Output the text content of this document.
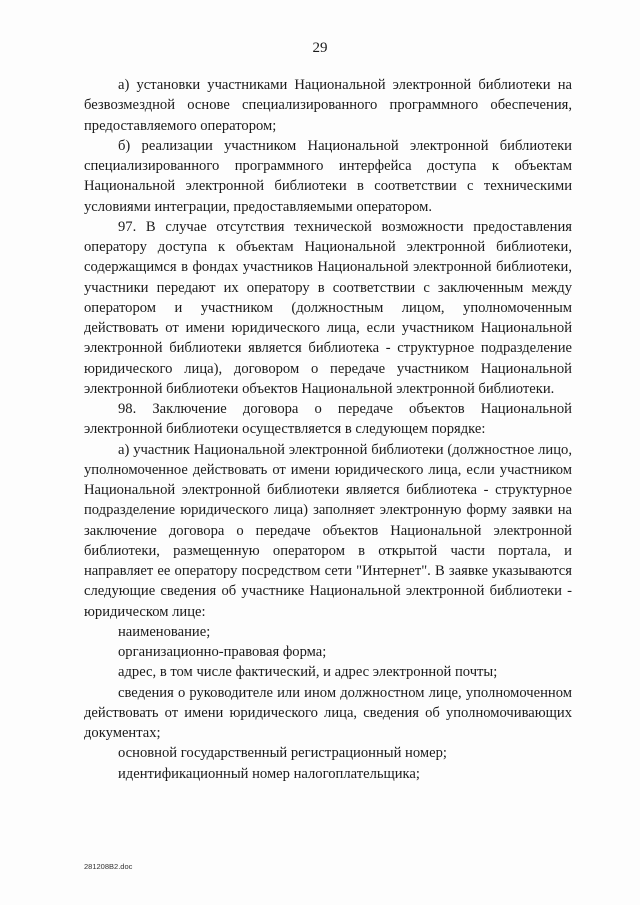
29

а) установки участниками Национальной электронной библиотеки на безвозмездной основе специализированного программного обеспечения, предоставляемого оператором;

б) реализации участником Национальной электронной библиотеки специализированного программного интерфейса доступа к объектам Национальной электронной библиотеки в соответствии с техническими условиями интеграции, предоставляемыми оператором.

97. В случае отсутствия технической возможности предоставления оператору доступа к объектам Национальной электронной библиотеки, содержащимся в фондах участников Национальной электронной библиотеки, участники передают их оператору в соответствии с заключенным между оператором и участником (должностным лицом, уполномоченным действовать от имени юридического лица, если участником Национальной электронной библиотеки является библиотека - структурное подразделение юридического лица), договором о передаче участником Национальной электронной библиотеки объектов Национальной электронной библиотеки.

98. Заключение договора о передаче объектов Национальной электронной библиотеки осуществляется в следующем порядке:

а) участник Национальной электронной библиотеки (должностное лицо, уполномоченное действовать от имени юридического лица, если участником Национальной электронной библиотеки является библиотека - структурное подразделение юридического лица) заполняет электронную форму заявки на заключение договора о передаче объектов Национальной электронной библиотеки, размещенную оператором в открытой части портала, и направляет ее оператору посредством сети "Интернет". В заявке указываются следующие сведения об участнике Национальной электронной библиотеки - юридическом лице:

наименование;

организационно-правовая форма;

адрес, в том числе фактический, и адрес электронной почты;

сведения о руководителе или ином должностном лице, уполномоченном действовать от имени юридического лица, сведения об уполномочивающих документах;

основной государственный регистрационный номер;

идентификационный номер налогоплательщика;

281208B2.doc
